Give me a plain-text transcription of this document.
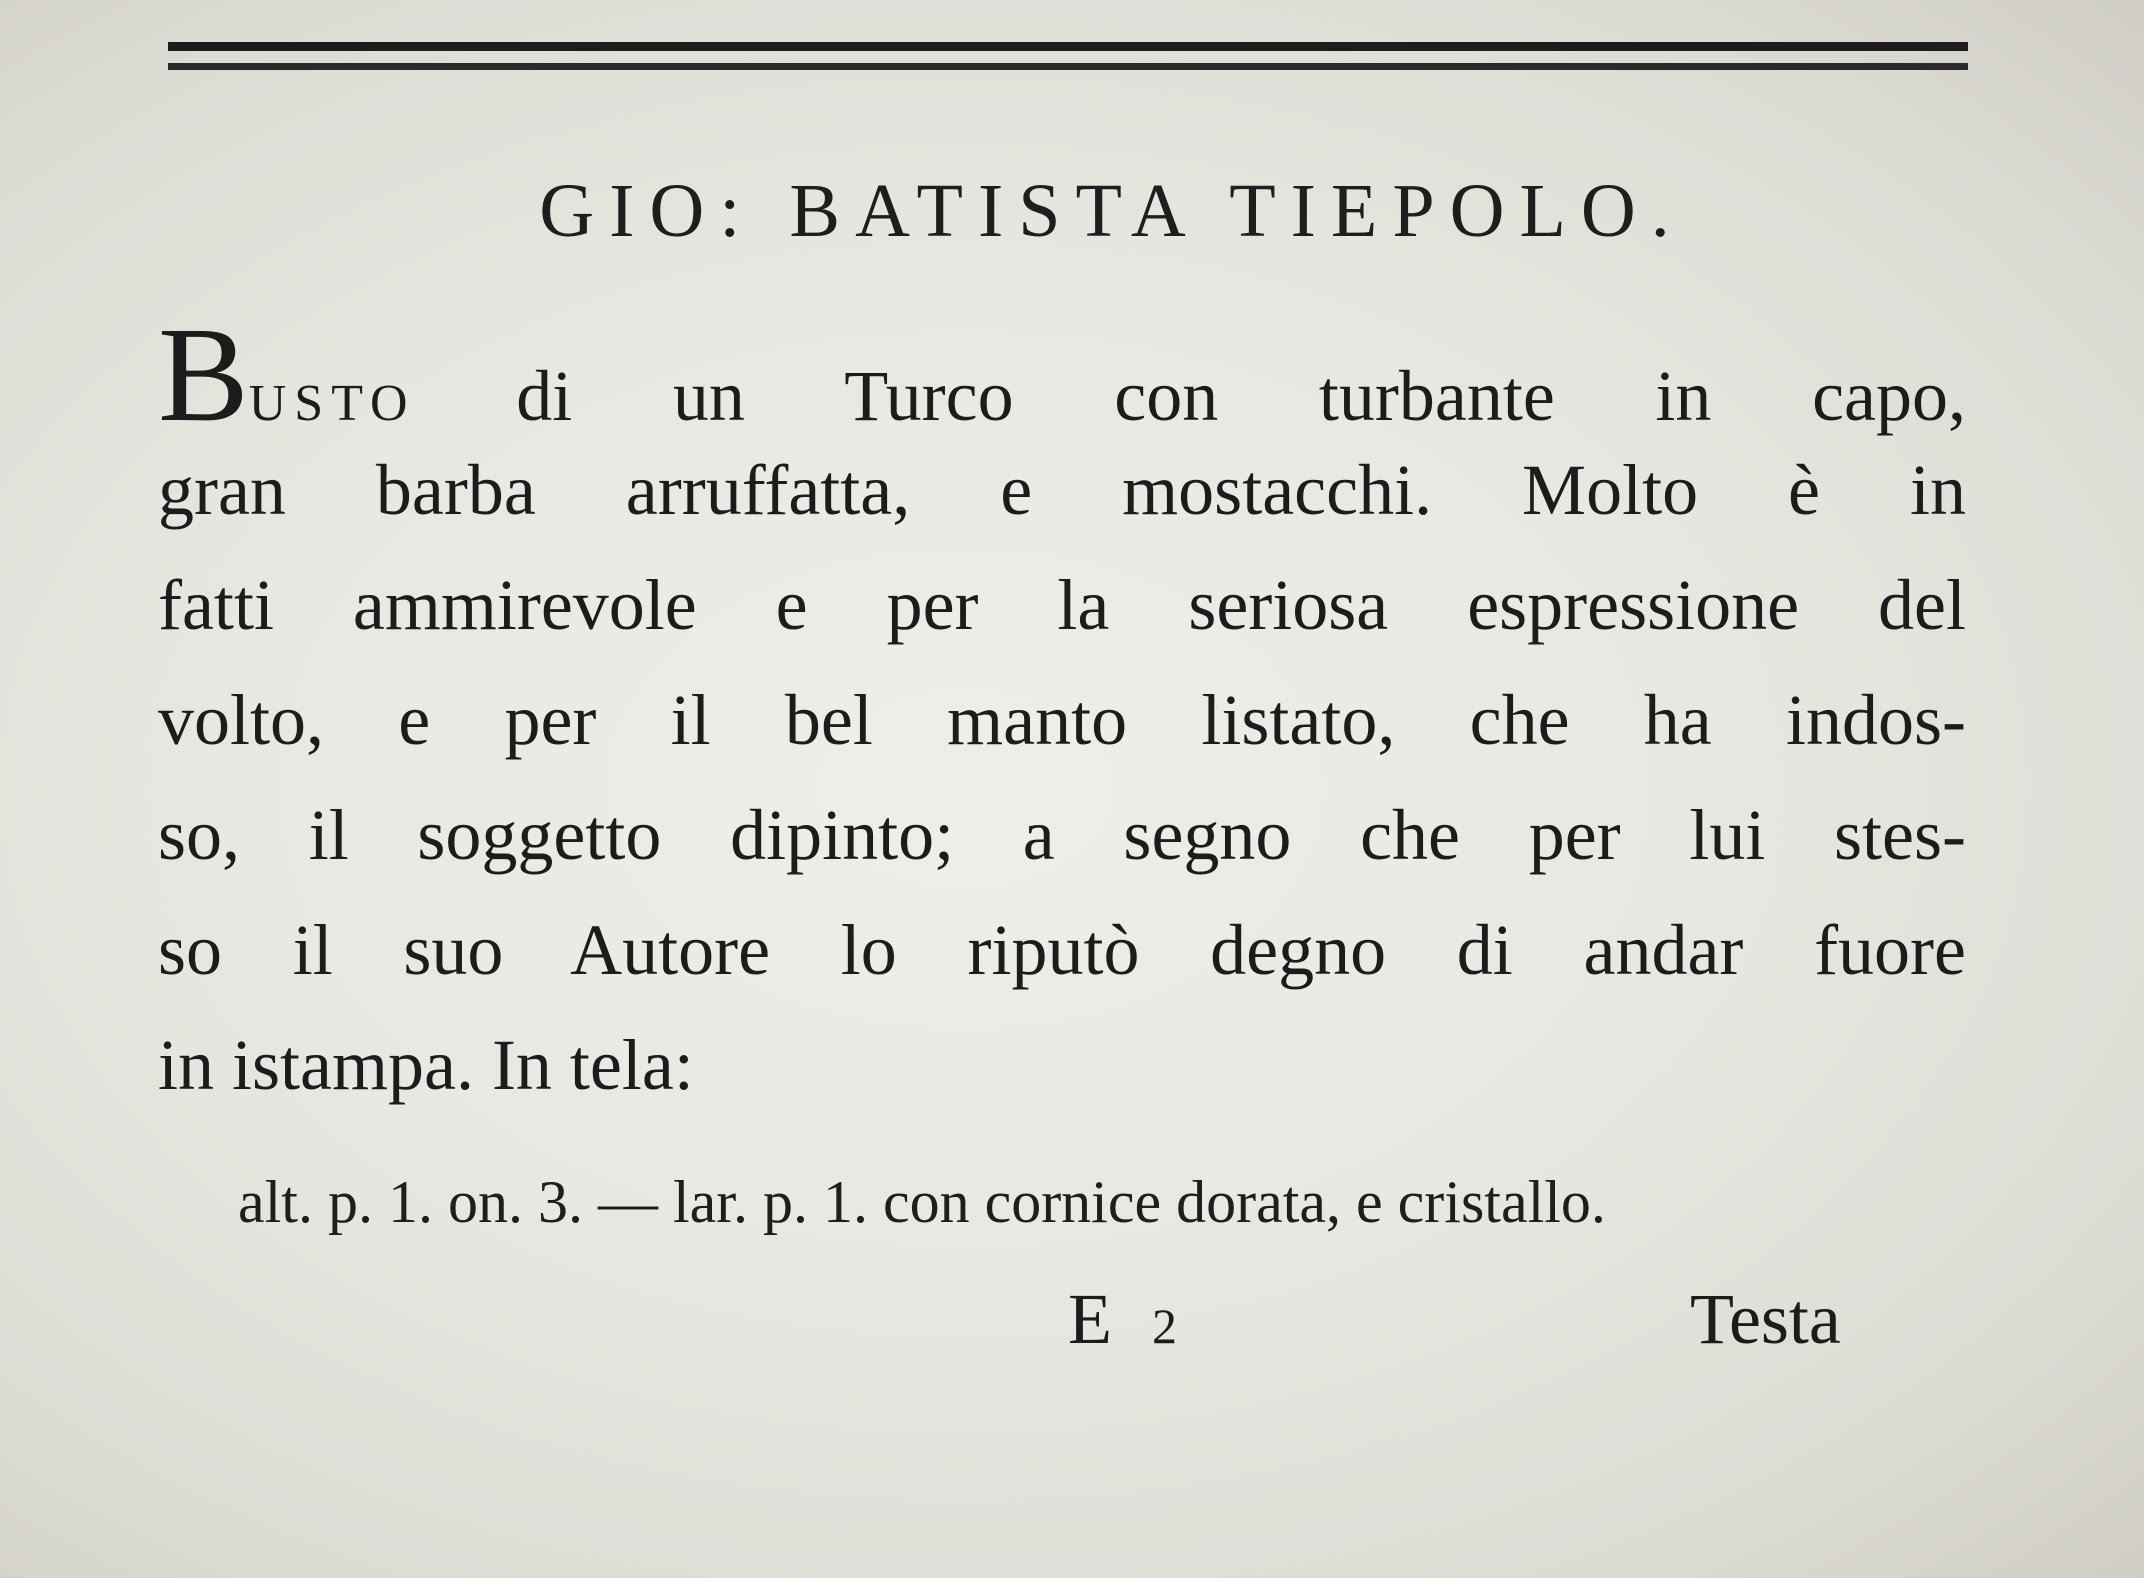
GIO: BATISTA TIEPOLO.
BUSTO di un Turco con turbante in capo,
gran barba arruffatta, e mostacchi. Molto è in
fatti ammirevole e per la seriosa espressione del
volto, e per il bel manto listato, che ha indos-
so, il soggetto dipinto; a segno che per lui stes-
so il suo Autore lo riputò degno di andar fuore
in istampa. In tela:

alt. p. 1. on. 3. — lar. p. 1. con cornice dorata, e cristallo.

E 2	Testa
